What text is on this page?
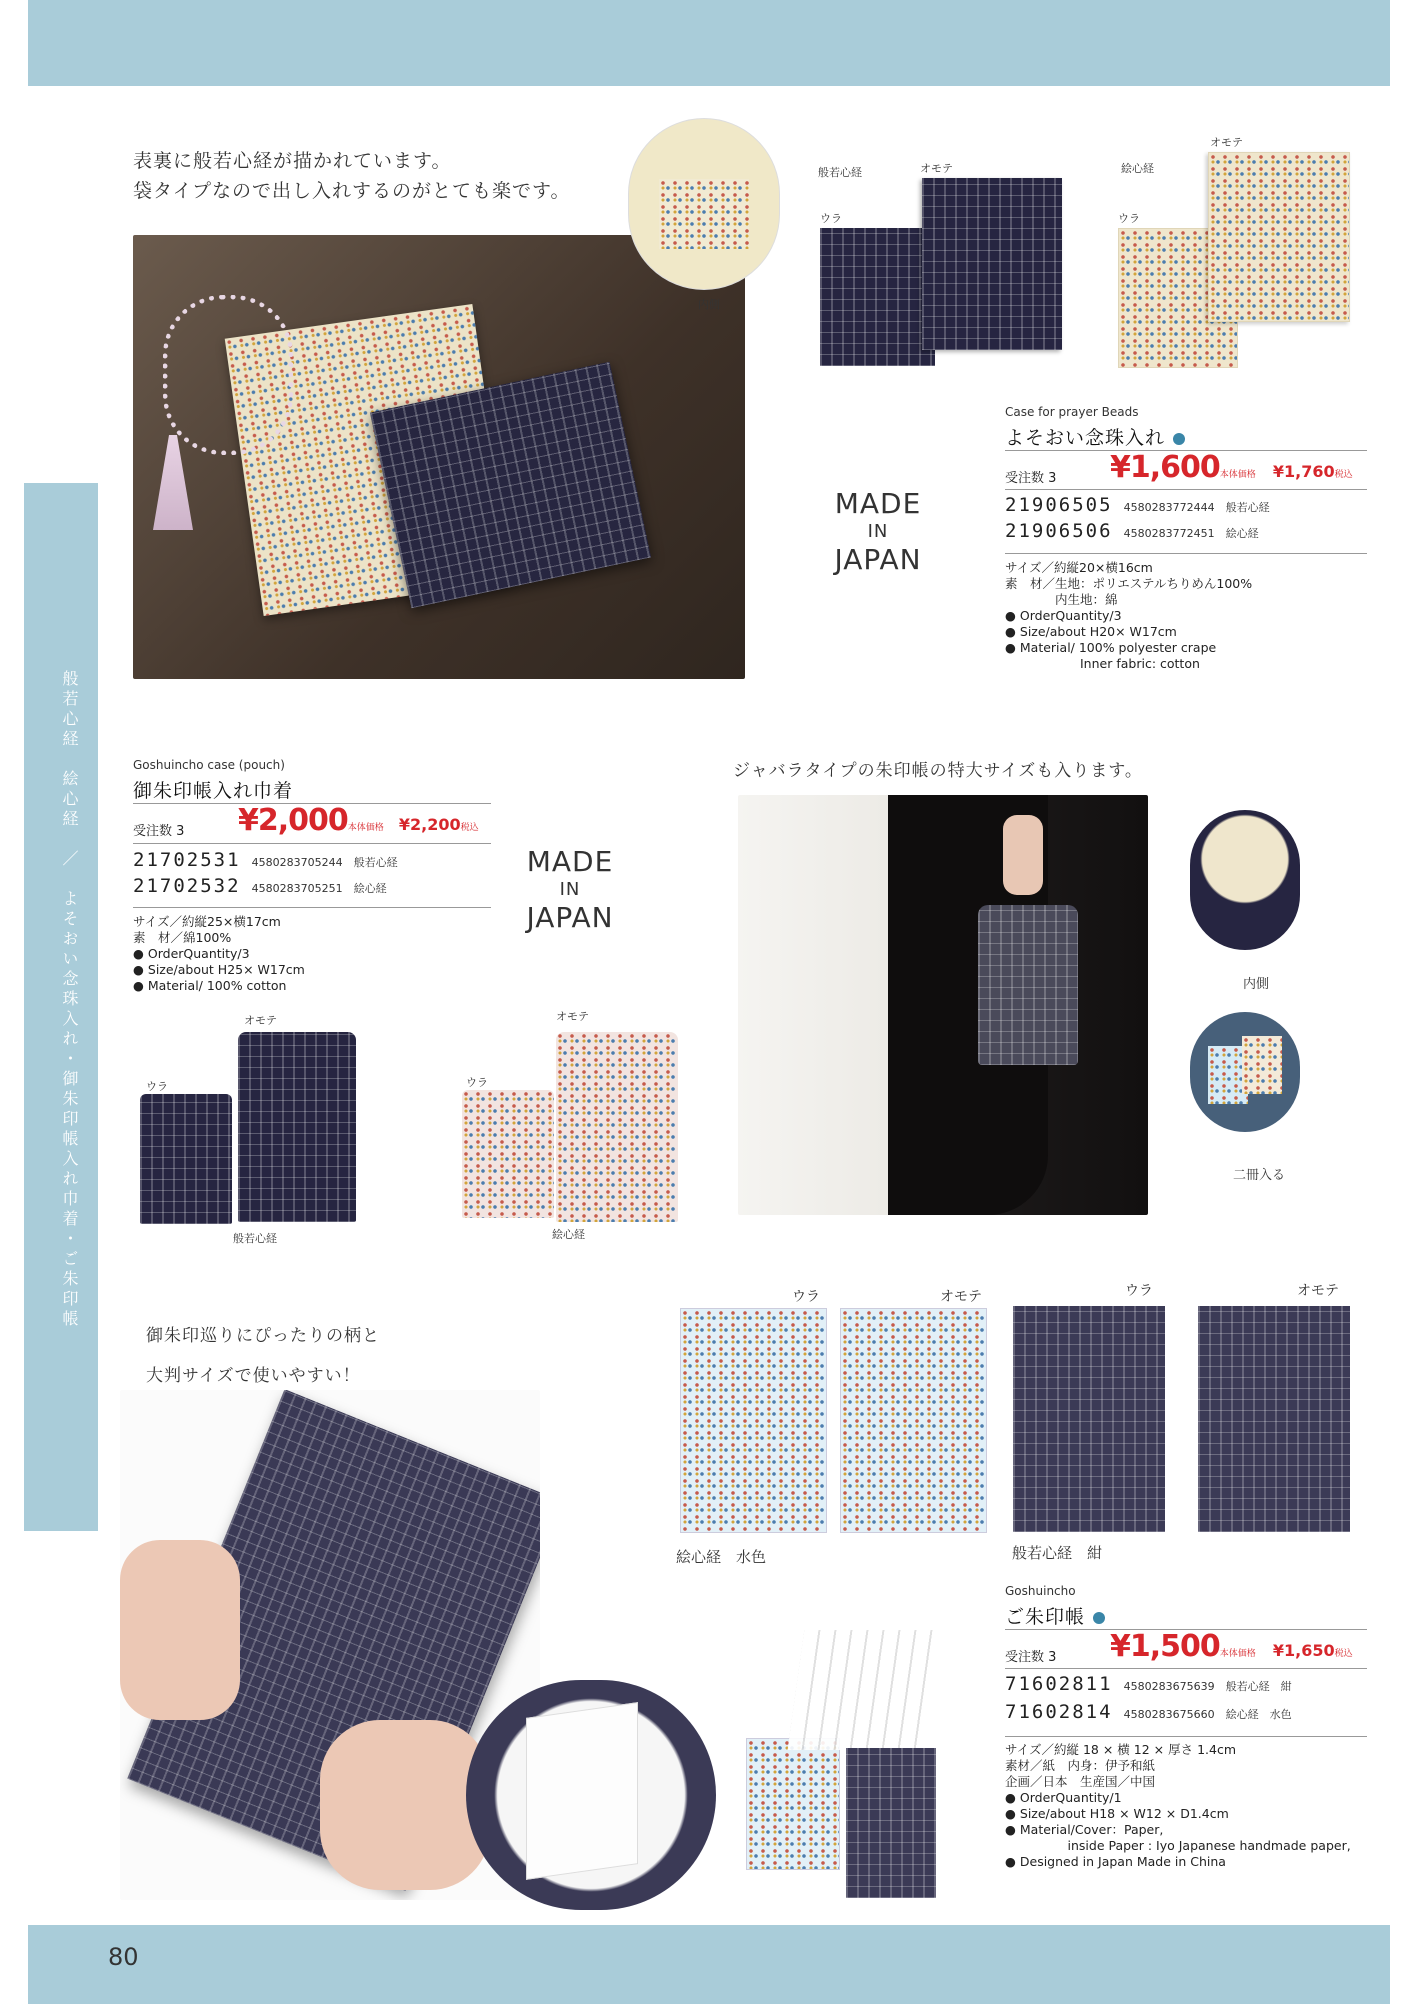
80
般若心経　絵心経　／　よそおい念珠入れ・御朱印帳入れ巾着・ご朱印帳
表裏に般若心経が描かれています。
袋タイプなので出し入れするのがとても楽です。
内側
般若心経	オモテ
ウラ
絵心経
オモテ
ウラ
MADE
IN
JAPAN
Case for prayer Beads
よそおい念珠入れ
受注数 3 ¥1,600本体価格 ¥1,760税込
21906505 4580283772444 般若心経
21906506 4580283772451 絵心経
サイズ／約縦20×横16cm
素　材／生地：ポリエステルちりめん100%
　　　　内生地：綿
● OrderQuantity/3
● Size/about H20× W17cm
● Material/ 100% polyester crape
　　　　　　Inner fabric: cotton
Goshuincho case (pouch)
御朱印帳入れ巾着
受注数 3 ¥2,000本体価格 ¥2,200税込
21702531 4580283705244 般若心経
21702532 4580283705251 絵心経
サイズ／約縦25×横17cm
素　材／綿100%
● OrderQuantity/3
● Size/about H25× W17cm
● Material/ 100% cotton
MADE
IN
JAPAN
オモテ
ウラ
般若心経
オモテ
ウラ
絵心経
ジャバラタイプの朱印帳の特大サイズも入ります。
内側
二冊入る
御朱印巡りにぴったりの柄と
大判サイズで使いやすい！
ウラ	オモテ
絵心経　水色
ウラ	オモテ
般若心経　紺
Goshuincho
ご朱印帳
受注数 3 ¥1,500本体価格 ¥1,650税込
71602811 4580283675639 般若心経　紺
71602814 4580283675660 絵心経　水色
サイズ／約縦 18 × 横 12 × 厚さ 1.4cm
素材／紙　内身：伊予和紙
企画／日本　生産国／中国
● OrderQuantity/1
● Size/about H18 × W12 × D1.4cm
● Material/Cover：Paper,
　　　　　inside Paper : Iyo Japanese handmade paper,
● Designed in Japan Made in China
